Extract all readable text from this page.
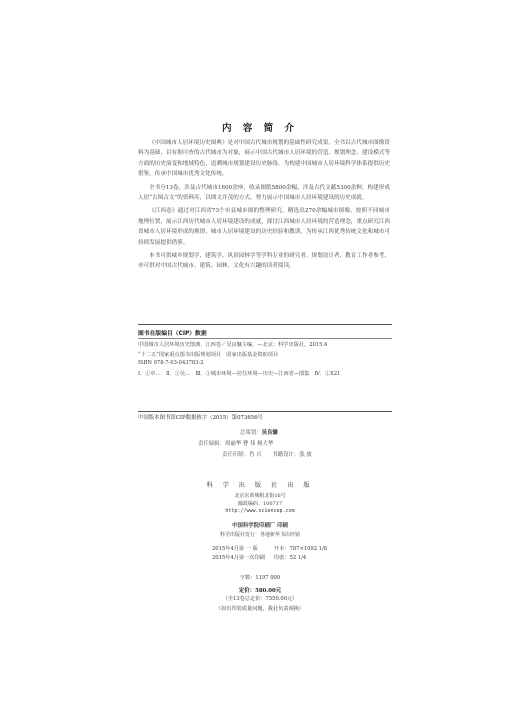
内 容 简 介

《中国城市人居环境历史图典》是对中国古代城市规划的基础性研究成果。全书以古代城市图像资料为基础，以有据可查的古代城市为对象，展示中国古代城市人居环境的营造、规划理念、建设模式等方面的历史演变和地域特色，追溯城市规划建设历史脉络，为构建中国城市人居环境科学体系提供历史借鉴，传承中国城市优秀文化传统。

全书分13卷，涉及古代城市1600余座，收录图纸5800余幅，涉及古代文献5300余种，构建形成人居“古图古文”的资料库，以图文并茂的方式，努力展示中国城市人居环境建设的历史成就。

《江西卷》通过对江西省73个市县城市图的整理研究，精选出270余幅城市图像。按照不同城市地理位置，展示江西历代城市人居环境建设的成就，探讨江西城市人居环境的营造理念，重点研究江西省城市人居环境形成的规律，城市人居环境建设的历史经验和教训，为传承江西优秀传统文化和城市可持续发展提供借鉴。

本书可供城乡规划学、建筑学、风景园林学等学科专业的研究者、规划设计者、教育工作者参考，亦可供对中国古代城市、建筑、园林、文化有兴趣的读者阅读。

图书在版编目（CIP）数据
中国城市人居环境历史图典．江西卷／吴良镛主编．—北京：科学出版社，2015.4
“十二五”国家重点图书出版规划项目　国家出版基金资助项目
ISBN 978-7-03-043783-2
Ⅰ．①中…　Ⅱ．①吴…　Ⅲ．①城市环境—居住环境—历史—江西省—图集　Ⅳ．①X21
中国版本图书馆CIP数据核字（2015）第073656号
总策划：吴良镛
责任编辑：周丽华 曹 伟 杨大华
责任印制：肖 兴　　书籍设计：张 放
科 学 出 版 社 出 版
北京东黄城根北街16号
邮政编码：100717
http://www.sciencep.com
中国科学院印刷厂 印刷
科学出版社发行　各地新华书店经销
2015年4月第 一 版	开本：787×1092 1/8
2015年4月第一次印刷 印张：52 1/4
字数：1197 000
定价：580.00元
（全13卷总定价：7550.00元）
（如有印装质量问题，我社负责调换）
